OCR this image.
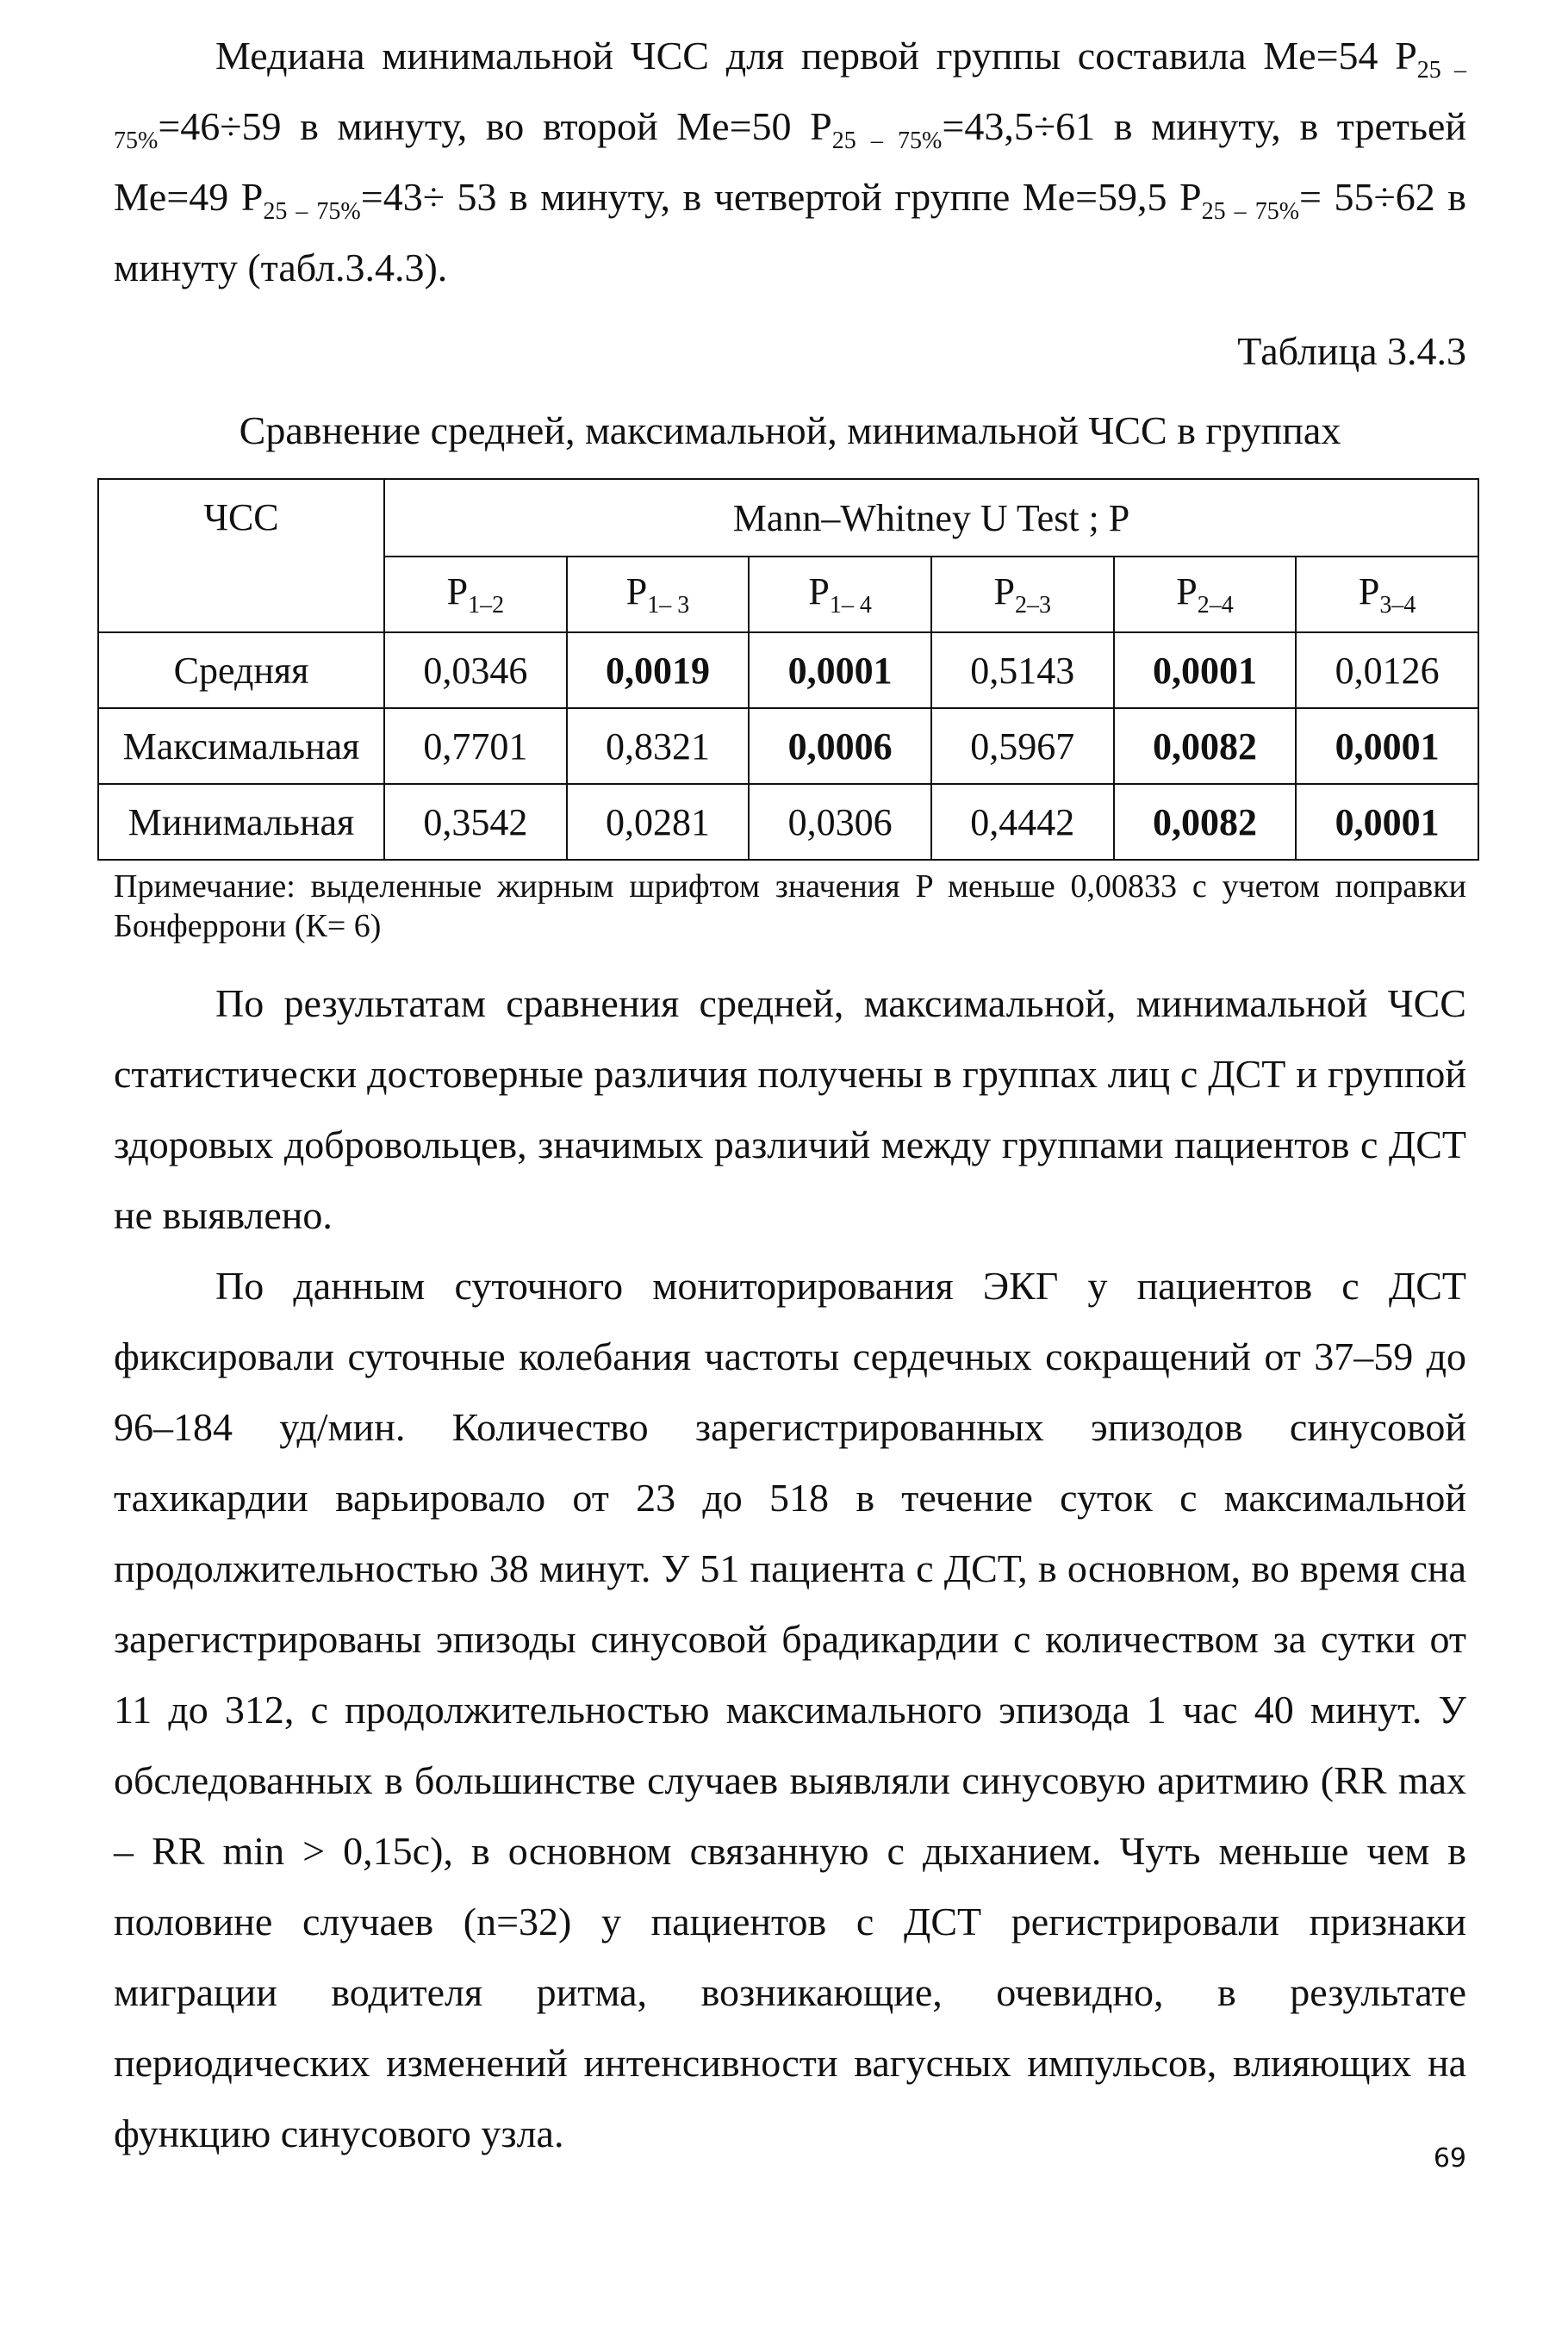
Медиана минимальной ЧСС для первой группы составила Me=54 $P_{25 - 75\%}=46\div 59$ в минуту, во второй Me=50 $P_{25 - 75\%}=43,5\div 61$ в минуту, в третьей Me=49 $P_{25 - 75\%}=43\div 53$ в минуту, в четвертой группе Me=59,5 $P_{25 - 75\%}= 55\div 62$ в минуту (табл.3.4.3).

Таблица 3.4.3

Сравнение средней, максимальной, минимальной ЧСС в группах

ЧСС	Mann–Whitney U Test ; P					
	$P_{1-2}$	$P_{1- 3}$	$P_{1- 4}$	$P_{2-3}$	$P_{2-4}$	$P_{3-4}$
Средняя	0,0346	0,0019	0,0001	0,5143	0,0001	0,0126
Максимальная	0,7701	0,8321	0,0006	0,5967	0,0082	0,0001
Минимальная	0,3542	0,0281	0,0306	0,4442	0,0082	0,0001

Примечание: выделенные жирным шрифтом значения P меньше 0,00833 с учетом поправки Бонферрони (К= 6)

По результатам сравнения средней, максимальной, минимальной ЧСС статистически достоверные различия получены в группах лиц с ДСТ и группой здоровых добровольцев, значимых различий между группами пациентов с ДСТ не выявлено.

По данным суточного мониторирования ЭКГ у пациентов с ДСТ фиксировали суточные колебания частоты сердечных сокращений от 37–59 до 96–184 уд/мин. Количество зарегистрированных эпизодов синусовой тахикардии варьировало от 23 до 518 в течение суток с максимальной продолжительностью 38 минут. У 51 пациента с ДСТ, в основном, во время сна зарегистрированы эпизоды синусовой брадикардии с количеством за сутки от 11 до 312, с продолжительностью максимального эпизода 1 час 40 минут. У обследованных в большинстве случаев выявляли синусовую аритмию (RR max – RR min > 0,15с), в основном связанную с дыханием. Чуть меньше чем в половине случаев (n=32) у пациентов с ДСТ регистрировали признаки миграции водителя ритма, возникающие, очевидно, в результате периодических изменений интенсивности вагусных импульсов, влияющих на функцию синусового узла.

69
